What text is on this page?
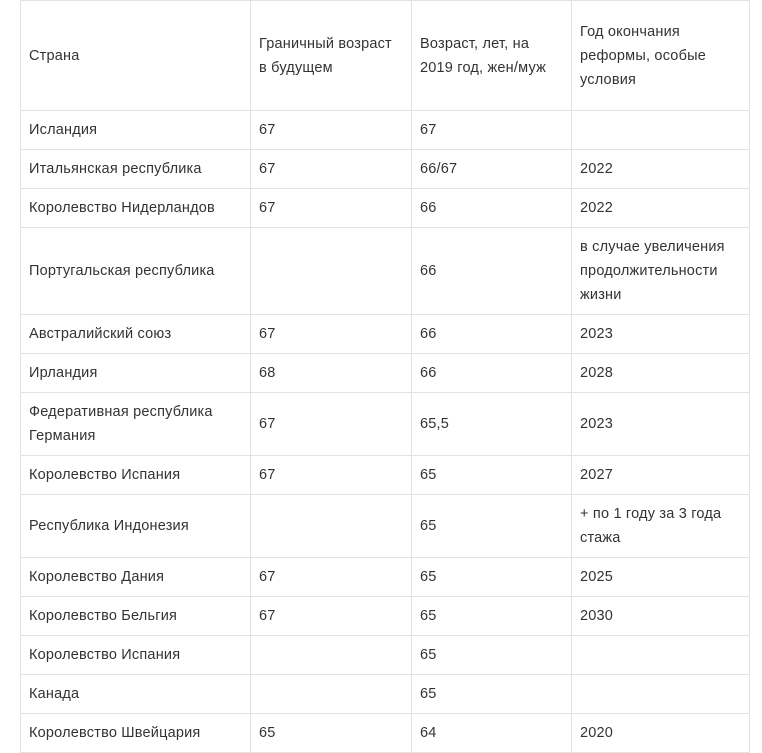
Страна	Граничный возраст в будущем	Возраст, лет, на 2019 год, жен/муж	Год окончания реформы, особые условия
Исландия	67	67	
Итальянская республика	67	66/67	2022
Королевство Нидерландов	67	66	2022
Португальская республика		66	в случае увеличения продолжительности жизни
Австралийский союз	67	66	2023
Ирландия	68	66	2028
Федеративная республика Германия	67	65,5	2023
Королевство Испания	67	65	2027
Республика Индонезия		65	+ по 1 году за 3 года стажа
Королевство Дания	67	65	2025
Королевство Бельгия	67	65	2030
Королевство Испания		65	
Канада		65	
Королевство Швейцария	65	64	2020
